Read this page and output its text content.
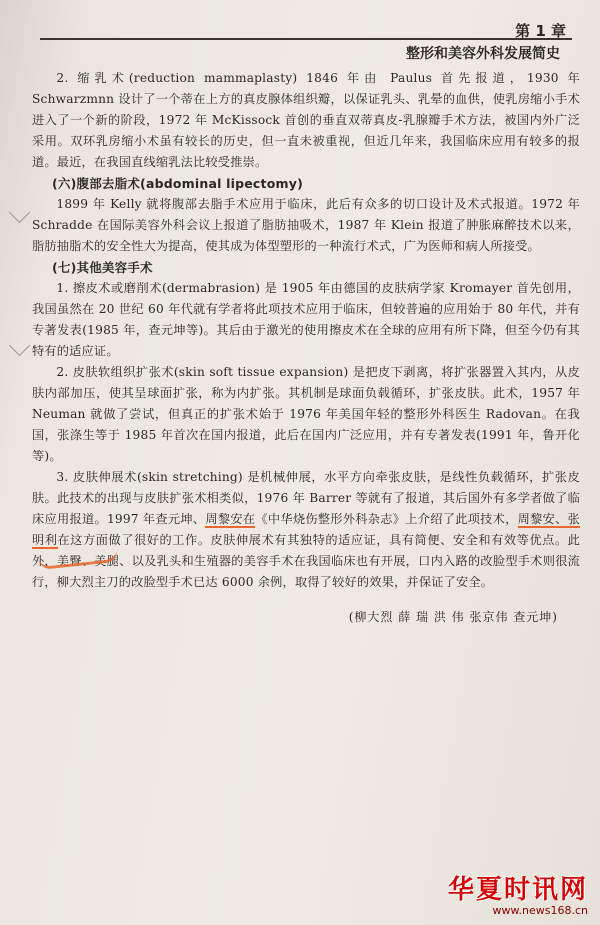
第 1 章
整形和美容外科发展简史

2. 缩乳术(reduction mammaplasty) 1846 年由 Paulus 首先报道，1930 年 Schwarzmnn 设计了一个蒂在上方的真皮腺体组织瓣，以保证乳头、乳晕的血供，使乳房缩小手术进入了一个新的阶段，1972 年 McKissock 首创的垂直双蒂真皮-乳腺瓣手术方法，被国内外广泛采用。双环乳房缩小术虽有较长的历史，但一直未被重视，但近几年来，我国临床应用有较多的报道。最近，在我国直线缩乳法比较受推崇。

(六)腹部去脂术(abdominal lipectomy)

1899 年 Kelly 就将腹部去脂手术应用于临床，此后有众多的切口设计及术式报道。1972 年 Schradde 在国际美容外科会议上报道了脂肪抽吸术，1987 年 Klein 报道了肿胀麻醉技术以来，脂肪抽脂术的安全性大为提高，使其成为体型塑形的一种流行术式，广为医师和病人所接受。

(七)其他美容手术

1. 擦皮术或磨削术(dermabrasion) 是 1905 年由德国的皮肤病学家 Kromayer 首先创用，我国虽然在 20 世纪 60 年代就有学者将此项技术应用于临床，但较普遍的应用始于 80 年代，并有专著发表(1985 年，查元坤等)。其后由于激光的使用擦皮术在全球的应用有所下降，但至今仍有其特有的适应证。

2. 皮肤软组织扩张术(skin soft tissue expansion) 是把皮下剥离，将扩张器置入其内，从皮肤内部加压，使其呈球面扩张，称为内扩张。其机制是球面负载循环，扩张皮肤。此术，1957 年 Neuman 就做了尝试，但真正的扩张术始于 1976 年美国年轻的整形外科医生 Radovan。在我国，张涤生等于 1985 年首次在国内报道，此后在国内广泛应用，并有专著发表(1991 年，鲁开化等)。

3. 皮肤伸展术(skin stretching) 是机械伸展，水平方向牵张皮肤，是线性负载循环，扩张皮肤。此技术的出现与皮肤扩张术相类似，1976 年 Barrer 等就有了报道，其后国外有多学者做了临床应用报道。1997 年查元坤、周黎安在《中华烧伤整形外科杂志》上介绍了此项技术，周黎安、张明利在这方面做了很好的工作。皮肤伸展术有其独特的适应证，具有简便、安全和有效等优点。此外，美臀、美腿、以及乳头和生殖器的美容手术在我国临床也有开展，口内入路的改脸型手术则很流行，柳大烈主刀的改脸型手术已达 6000 余例，取得了较好的效果，并保证了安全。

(柳大烈 薛 瑞 洪 伟 张京伟 查元坤)

华夏时讯网
www.news168.cn
